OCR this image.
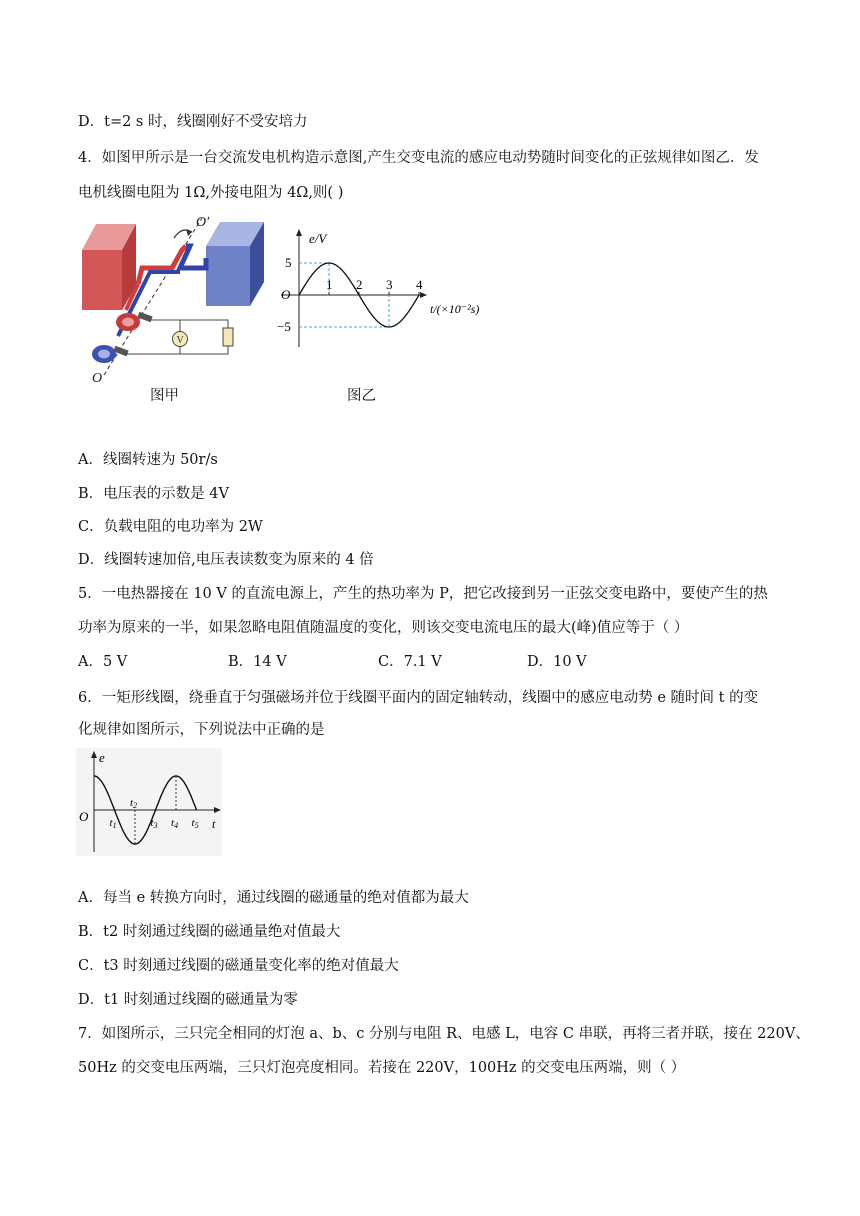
D．t=2 s 时，线圈刚好不受安培力
4．如图甲所示是一台交流发电机构造示意图,产生交变电流的感应电动势随时间变化的正弦规律如图乙．发
电机线圈电阻为 1Ω,外接电阻为 4Ω,则( )
V
O′
O
图甲
e/V
t/(×10⁻²s)
O
5
−5
1 2 3 4
图乙
A．线圈转速为 50r/s
B．电压表的示数是 4V
C．负载电阻的电功率为 2W
D．线圈转速加倍,电压表读数变为原来的 4 倍
5．一电热器接在 10 V 的直流电源上，产生的热功率为 P，把它改接到另一正弦交变电路中，要使产生的热
功率为原来的一半，如果忽略电阻值随温度的变化，则该交变电流电压的最大(峰)值应等于（ ）
A．5 V	B．14 V	C．7.1 V	D．10 V
6．一矩形线圈，绕垂直于匀强磁场并位于线圈平面内的固定轴转动，线圈中的感应电动势 e 随时间 t 的变
化规律如图所示，下列说法中正确的是
e
t
O t1
t2
t3 t4 t5
A．每当 e 转换方向时，通过线圈的磁通量的绝对值都为最大
B．t2 时刻通过线圈的磁通量绝对值最大
C．t3 时刻通过线圈的磁通量变化率的绝对值最大
D．t1 时刻通过线圈的磁通量为零
7．如图所示，三只完全相同的灯泡 a、b、c 分别与电阻 R、电感 L，电容 C 串联，再将三者并联，接在 220V、
50Hz 的交变电压两端，三只灯泡亮度相同。若接在 220V，100Hz 的交变电压两端，则（ ）
